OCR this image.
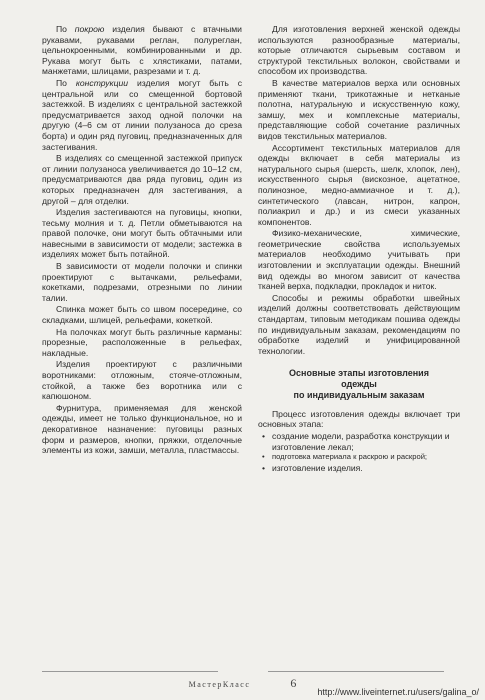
По покрою изделия бывают с втачными рукавами, рукавами реглан, полуреглан, цельнокроенными, комбинированными и др. Рукава могут быть с хлястиками, патами, манжетами, шлицами, разрезами и т. д.

По конструкции изделия могут быть с центральной или со смещенной бортовой застежкой. В изделиях с центральной застежкой предусматривается заход одной полочки на другую (4–6 см от линии полузаноса до среза борта) и один ряд пуговиц, предназначенных для застегивания.

В изделиях со смещенной застежкой припуск от линии полузаноса увеличивается до 10–12 см, предусматриваются два ряда пуговиц, один из которых предназначен для застегивания, а другой – для отделки.

Изделия застегиваются на пуговицы, кнопки, тесьму молния и т. д. Петли обметываются на правой полочке, они могут быть обтачными или навесными в зависимости от модели; застежка в изделиях может быть потайной.

В зависимости от модели полочки и спинки проектируют с вытачками, рельефами, кокетками, подрезами, отрезными по линии талии.

Спинка может быть со швом посередине, со складками, шлицей, рельефами, кокеткой.

На полочках могут быть различные карманы: прорезные, расположенные в рельефах, накладные.

Изделия проектируют с различными воротниками: отложным, стояче-отложным, стойкой, а также без воротника или с капюшоном.

Фурнитура, применяемая для женской одежды, имеет не только функциональное, но и декоративное назначение: пуговицы разных форм и размеров, кнопки, пряжки, отделочные элементы из кожи, замши, металла, пластмассы.

Для изготовления верхней женской одежды используются разнообразные материалы, которые отличаются сырьевым составом и структурой текстильных волокон, свойствами и способом их производства.

В качестве материалов верха или основных применяют ткани, трикотажные и нетканые полотна, натуральную и искусственную кожу, замшу, мех и комплексные материалы, представляющие собой сочетание различных видов текстильных материалов.

Ассортимент текстильных материалов для одежды включает в себя материалы из натурального сырья (шерсть, шелк, хлопок, лен), искусственного сырья (вискозное, ацетатное, полинозное, медно-аммиачное и т. д.), синтетического (лавсан, нитрон, капрон, полиакрил и др.) и из смеси указанных компонентов.

Физико-механические, химические, геометрические свойства используемых материалов необходимо учитывать при изготовлении и эксплуатации одежды. Внешний вид одежды во многом зависит от качества тканей верха, подкладки, прокладок и ниток.

Способы и режимы обработки швейных изделий должны соответствовать действующим стандартам, типовым методикам пошива одежды по индивидуальным заказам, рекомендациям по обработке изделий и унифицированной технологии.

Основные этапы изготовления
одежды
по индивидуальным заказам

Процесс изготовления одежды включает три основных этапа:

• создание модели, разработка конструкции и изготовление лекал;
• подготовка материала к раскрою и раскрой;
• изготовление изделия.
МастерКласс	6
http://www.liveinternet.ru/users/galina_o/
